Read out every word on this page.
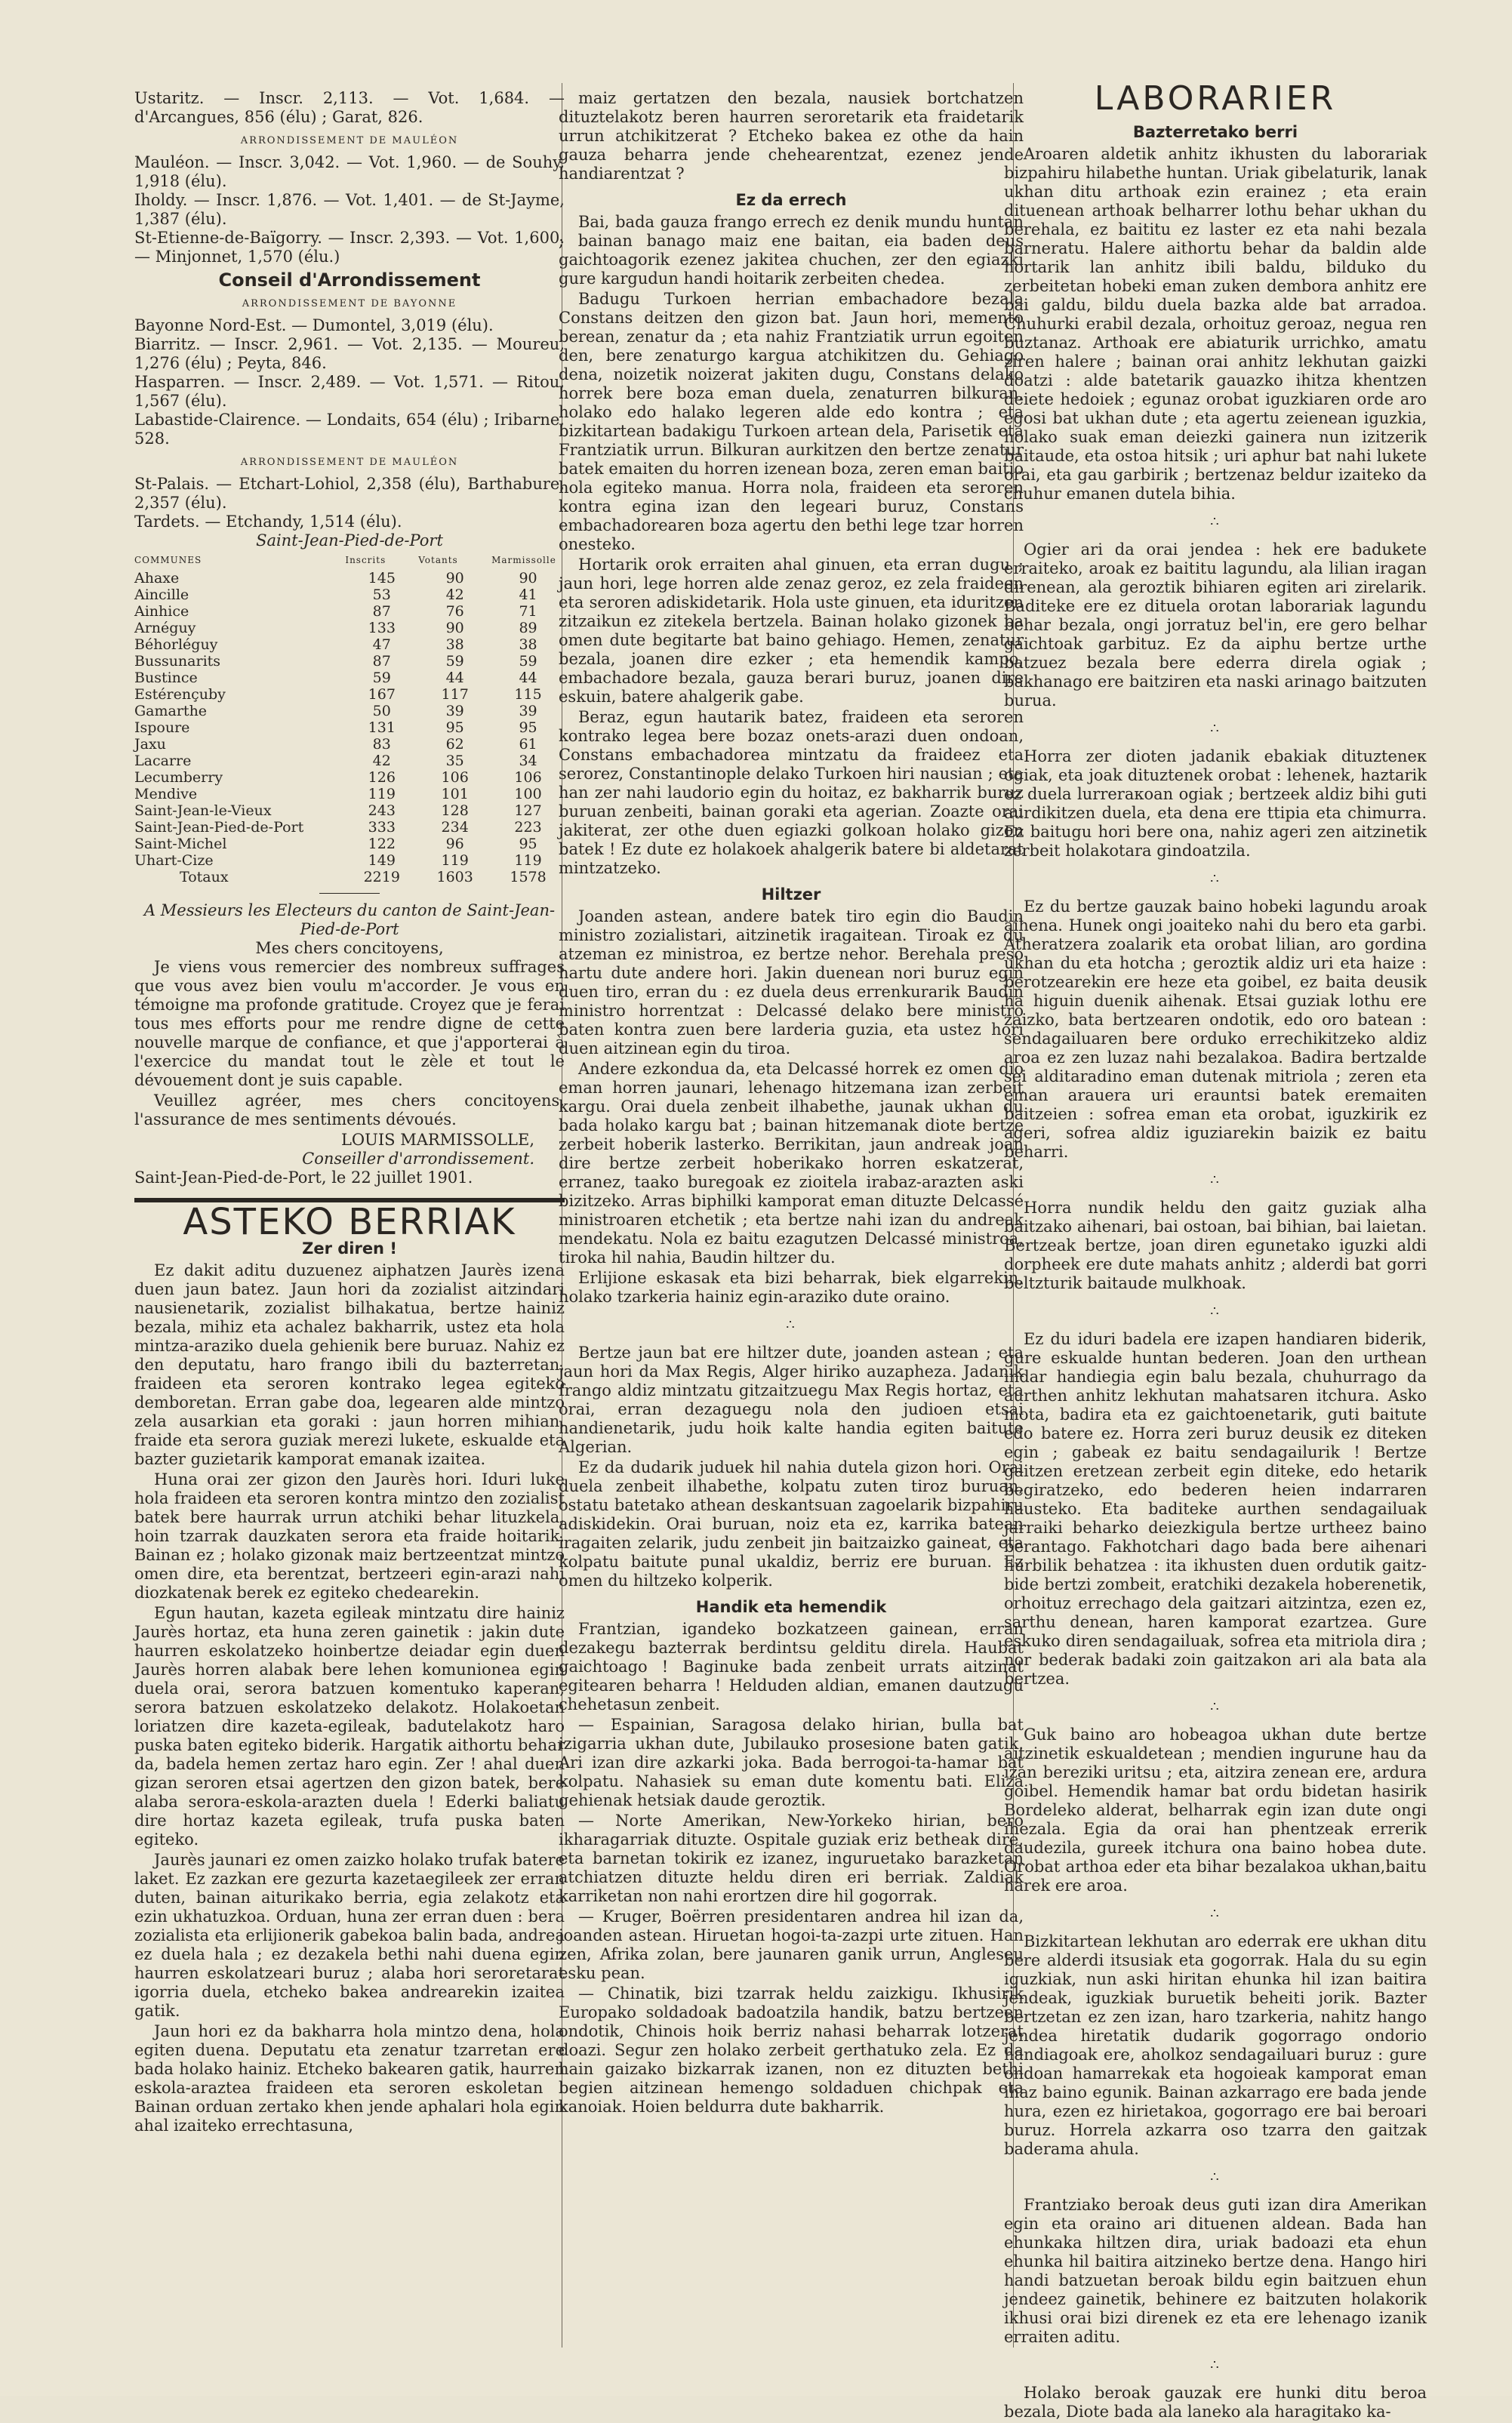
Ustaritz. — Inscr. 2,113. — Vot. 1,684. — d'Arcangues, 856 (élu) ; Garat, 826.
ARRONDISSEMENT DE MAULÉON
Mauléon. — Inscr. 3,042. — Vot. 1,960. — de Souhy, 1,918 (élu).
Iholdy. — Inscr. 1,876. — Vot. 1,401. — de St-Jayme, 1,387 (élu).
St-Etienne-de-Baïgorry. — Inscr. 2,393. — Vot. 1,600. — Minjonnet, 1,570 (élu.)
Conseil d'Arrondissement
ARRONDISSEMENT DE BAYONNE
Bayonne Nord-Est. — Dumontel, 3,019 (élu).
Biarritz. — Inscr. 2,961. — Vot. 2,135. — Moureu, 1,276 (élu) ; Peyta, 846.
Hasparren. — Inscr. 2,489. — Vot. 1,571. — Ritou, 1,567 (élu).
Labastide-Clairence. — Londaits, 654 (élu) ; Iribarne, 528.
ARRONDISSEMENT DE MAULÉON
St-Palais. — Etchart-Lohiol, 2,358 (élu), Barthabure, 2,357 (élu).
Tardets. — Etchandy, 1,514 (élu).
Saint-Jean-Pied-de-Port
COMMUNES	Inscrits	Votants	Marmissolle
Ahaxe	145	90	90
Aincille	53	42	41
Ainhice	87	76	71
Arnéguy	133	90	89
Béhorléguy	47	38	38
Bussunarits	87	59	59
Bustince	59	44	44
Estérençuby	167	117	115
Gamarthe	50	39	39
Ispoure	131	95	95
Jaxu	83	62	61
Lacarre	42	35	34
Lecumberry	126	106	106
Mendive	119	101	100
Saint-Jean-le-Vieux	243	128	127
Saint-Jean-Pied-de-Port	333	234	223
Saint-Michel	122	96	95
Uhart-Cize	149	119	119
Totaux	2219	1603	1578
A Messieurs les Electeurs du canton de Saint-Jean-Pied-de-Port
Mes chers concitoyens,

Je viens vous remercier des nombreux suffrages que vous avez bien voulu m'accorder. Je vous en témoigne ma profonde gratitude. Croyez que je ferai tous mes efforts pour me rendre digne de cette nouvelle marque de confiance, et que j'apporterai à l'exercice du mandat tout le zèle et tout le dévouement dont je suis capable.

Veuillez agréer, mes chers concitoyens, l'assurance de mes sentiments dévoués.

LOUIS MARMISSOLLE,
Conseiller d'arrondissement.
Saint-Jean-Pied-de-Port, le 22 juillet 1901.
ASTEKO BERRIAK
Zer diren !

Ez dakit aditu duzuenez aiphatzen Jaurès izena duen jaun batez. Jaun hori da zozialist aitzindari nausienetarik, zozialist bilhakatua, bertze hainiz bezala, mihiz eta achalez bakharrik, ustez eta hola mintza-araziko duela gehienik bere buruaz. Nahiz ez den deputatu, haro frango ibili du bazterretan, fraideen eta seroren kontrako legea egiteko demboretan. Erran gabe doa, legearen alde mintzo zela ausarkian eta goraki : jaun horren mihian, fraide eta serora guziak merezi lukete, eskualde eta bazter guzietarik kamporat emanak izaitea.

Huna orai zer gizon den Jaurès hori. Iduri luke hola fraideen eta seroren kontra mintzo den zozialist batek bere haurrak urrun atchiki behar lituzkela, hoin tzarrak dauzkaten serora eta fraide hoitarik. Bainan ez ; holako gizonak maiz bertzeentzat mintzo omen dire, eta berentzat, bertzeeri egin-arazi nahi diozkatenak berek ez egiteko chedearekin.

Egun hautan, kazeta egileak mintzatu dire hainiz Jaurès hortaz, eta huna zeren gainetik : jakin dute haurren eskolatzeko hoinbertze deiadar egin duen Jaurès horren alabak bere lehen komunionea egin duela orai, serora batzuen komentuko kaperan, serora batzuen eskolatzeko delakotz. Holakoetan loriatzen dire kazeta-egileak, badutelakotz haro puska baten egiteko biderik. Hargatik aithortu behar da, badela hemen zertaz haro egin. Zer ! ahal duen gizan seroren etsai agertzen den gizon batek, bere alaba serora-eskola-arazten duela ! Ederki baliatu dire hortaz kazeta egileak, trufa puska baten egiteko.

Jaurès jaunari ez omen zaizko holako trufak batere laket. Ez zazkan ere gezurta kazetaegileek zer erran duten, bainan aiturikako berria, egia zelakotz eta ezin ukhatuzkoa. Orduan, huna zer erran duen : bera zozialista eta erlijionerik gabekoa balin bada, andrea ez duela hala ; ez dezakela bethi nahi duena egin haurren eskolatzeari buruz ; alaba hori seroretarat igorria duela, etcheko bakea andrearekin izaitea gatik.

Jaun hori ez da bakharra hola mintzo dena, hola egiten duena. Deputatu eta zenatur tzarretan ere bada holako hainiz. Etcheko bakearen gatik, haurren eskola-araztea fraideen eta seroren eskoletan ! Bainan orduan zertako khen jende aphalari hola egin ahal izaiteko errechtasuna,

maiz gertatzen den bezala, nausiek bortchatzen dituztelakotz beren haurren seroretarik eta fraidetarik urrun atchikitzerat ? Etcheko bakea ez othe da hain gauza beharra jende chehearentzat, ezenez jende handiarentzat ?

Ez da errech

Bai, bada gauza frango errech ez denik mundu huntan ; bainan banago maiz ene baitan, eia baden deus gaichtoagorik ezenez jakitea chuchen, zer den egiazki gure kargudun handi hoitarik zerbeiten chedea.

Badugu Turkoen herrian embachadore bezala Constans deitzen den gizon bat. Jaun hori, memento berean, zenatur da ; eta nahiz Frantziatik urrun egoiten den, bere zenaturgo kargua atchikitzen du. Gehiago dena, noizetik noizerat jakiten dugu, Constans delako horrek bere boza eman duela, zenaturren bilkuran, holako edo halako legeren alde edo kontra ; eta bizkitartean badakigu Turkoen artean dela, Parisetik eta Frantziatik urrun. Bilkuran aurkitzen den bertze zenatur batek emaiten du horren izenean boza, zeren eman baitio hola egiteko manua. Horra nola, fraideen eta seroren kontra egina izan den legeari buruz, Constans embachadorearen boza agertu den bethi lege tzar horren onesteko.

Hortarik orok erraiten ahal ginuen, eta erran dugu ; jaun hori, lege horren alde zenaz geroz, ez zela fraideen eta seroren adiskidetarik. Hola uste ginuen, eta iduritzen zitzaikun ez zitekela bertzela. Bainan holako gizonek ba omen dute begitarte bat baino gehiago. Hemen, zenatur bezala, joanen dire ezker ; eta hemendik kampo, embachadore bezala, gauza berari buruz, joanen dire eskuin, batere ahalgerik gabe.

Beraz, egun hautarik batez, fraideen eta seroren kontrako legea bere bozaz onets-arazi duen ondoan, Constans embachadorea mintzatu da fraideez eta serorez, Constantinople delako Turkoen hiri nausian ; eta han zer nahi laudorio egin du hoitaz, ez bakharrik buruz buruan zenbeiti, bainan goraki eta agerian. Zoazte orai jakiterat, zer othe duen egiazki golkoan holako gizon batek ! Ez dute ez holakoek ahalgerik batere bi aldetarat mintzatzeko.

Hiltzer

Joanden astean, andere batek tiro egin dio Baudin ministro zozialistari, aitzinetik iragaitean. Tiroak ez du atzeman ez ministroa, ez bertze nehor. Berehala preso hartu dute andere hori. Jakin duenean nori buruz egin duen tiro, erran du : ez duela deus errenkurarik Baudin ministro horrentzat : Delcassé delako bere ministro baten kontra zuen bere larderia guzia, eta ustez hori duen aitzinean egin du tiroa.

Andere ezkondua da, eta Delcassé horrek ez omen dio eman horren jaunari, lehenago hitzemana izan zerbeit kargu. Orai duela zenbeit ilhabethe, jaunak ukhan du bada holako kargu bat ; bainan hitzemanak diote bertze zerbeit hoberik lasterko. Berrikitan, jaun andreak joan dire bertze zerbeit hoberikako horren eskatzerat, erranez, taako buregoak ez zioitela irabaz-arazten aski bizitzeko. Arras biphilki kamporat eman dituzte Delcassé ministroaren etchetik ; eta bertze nahi izan du andreak mendekatu. Nola ez baitu ezagutzen Delcassé ministroa, tiroka hil nahia, Baudin hiltzer du.

Erlijione eskasak eta bizi beharrak, biek elgarrekin, holako tzarkeria hainiz egin-araziko dute oraino.

∴

Bertze jaun bat ere hiltzer dute, joanden astean ; eta jaun hori da Max Regis, Alger hiriko auzapheza. Jadanik frango aldiz mintzatu gitzaitzuegu Max Regis hortaz, eta orai, erran dezaguegu nola den judioen etsai handienetarik, judu hoik kalte handia egiten baitute Algerian.

Ez da dudarik juduek hil nahia dutela gizon hori. Orai duela zenbeit ilhabethe, kolpatu zuten tiroz buruan, ostatu batetako athean deskantsuan zagoelarik bizpahiru adiskidekin. Orai buruan, noiz eta ez, karrika batean iragaiten zelarik, judu zenbeit jin baitzaizko gaineat, eta kolpatu baitute punal ukaldiz, berriz ere buruan. Ez omen du hiltzeko kolperik.

Handik eta hemendik

Frantzian, igandeko bozkatzeen gainean, erran dezakegu bazterrak berdintsu gelditu direla. Haubat gaichtoago ! Baginuke bada zenbeit urrats aitzinat egitearen beharra ! Helduden aldian, emanen dautzugu chehetasun zenbeit.

— Espainian, Saragosa delako hirian, bulla bat izigarria ukhan dute, Jubilauko prosesione baten gatik. Ari izan dire azkarki joka. Bada berrogoi-ta-hamar bat kolpatu. Nahasiek su eman dute komentu bati. Eliza gehienak hetsiak daude geroztik.

— Norte Amerikan, New-Yorkeko hirian, bero ikharagarriak dituzte. Ospitale guziak eriz betheak dire, eta barnetan tokirik ez izanez, inguruetako barazketan atchiatzen dituzte heldu diren eri berriak. Zaldiak karriketan non nahi erortzen dire hil gogorrak.

— Kruger, Boërren presidentaren andrea hil izan da, joanden astean. Hiruetan hogoi-ta-zazpi urte zituen. Han zen, Afrika zolan, bere jaunaren ganik urrun, Angleseu esku pean.

— Chinatik, bizi tzarrak heldu zaizkigu. Ikhusirik Europako soldadoak badoatzila handik, batzu bertzeen ondotik, Chinois hoik berriz nahasi beharrak lotzerat doazi. Segur zen holako zerbeit gerthatuko zela. Ez da hain gaizako bizkarrak izanen, non ez dituzten bethi begien aitzinean hemengo soldaduen chichpak eta kanoiak. Hoien beldurra dute bakharrik.

LABORARIER
Bazterretako berri

Aroaren aldetik anhitz ikhusten du laborariak bizpahiru hilabethe huntan. Uriak gibelaturik, lanak ukhan ditu arthoak ezin erainez ; eta erain dituenean arthoak belharrer lothu behar ukhan du berehala, ez baititu ez laster ez eta nahi bezala barneratu. Halere aithortu behar da baldin alde hortarik lan anhitz ibili baldu, bilduko du zerbeitetan hobeki eman zuken dembora anhitz ere bai galdu, bildu duela bazka alde bat arradoa. Chuhurki erabil dezala, orhoituz geroaz, negua ren buztanaz. Arthoak ere abiaturik urrichko, amatu ziren halere ; bainan orai anhitz lekhutan gaizki doatzi : alde batetarik gauazko ihitza khentzen deiete hedoiek ; egunaz orobat iguzkiaren orde aro egosi bat ukhan dute ; eta agertu zeienean iguzkia, holako suak eman deiezki gainera nun izitzerik baitaude, eta ostoa hitsik ; uri aphur bat nahi lukete orai, eta gau garbirik ; bertzenaz beldur izaiteko da chuhur emanen dutela bihia.

∴

Ogier ari da orai jendea : hek ere badukete erraiteko, aroak ez baititu lagundu, ala lilian iragan direnean, ala geroztik bihiaren egiten ari zirelarik. Baditeke ere ez dituela orotan laborariak lagundu behar bezala, ongi jorratuz bel'in, ere gero belhar gaichtoak garbituz. Ez da aiphu bertze urthe batzuez bezala bere ederra direla ogiak ; bakhanago ere baitziren eta naski arinago baitzuten burua.

∴

Horra zer dioten jadanik ebakiak dituzteneк ogiak, eta joak dituztenek orobat : lehenek, haztarik ez duela lurreraкoan ogiak ; bertzeek aldiz bihi guti aurdikitzen duela, eta dena ere ttipia eta chimurra. Ez baitugu hori bere ona, nahiz ageri zen aitzinetik zerbeit holakotara gindoatzila.

∴

Ez du bertze gauzak baino hobeki lagundu aroak aihena. Hunek ongi joaiteko nahi du bero eta garbi. Atheratzera zoalarik eta orobat lilian, aro gordina ukhan du eta hotcha ; geroztik aldiz uri eta haize : berotzearekin ere heze eta goibel, ez baita deusik ha higuin duenik aihenak. Etsai guziak lothu ere zaizko, bata bertzearen ondotik, edo oro batean : sendagailuaren bere orduko errechikitzeko aldiz aroa ez zen luzaz nahi bezalakoa. Badira bertzalde sei alditaradino eman dutenak mitriola ; zeren eta eman arauera uri erauntsi batek eremaiten baitzeien : sofrea eman eta orobat, iguzkirik ez ageri, sofrea aldiz iguziarekin baizik ez baitu beharri.

∴

Horra nundik heldu den gaitz guziak alha baitzako aihenari, bai ostoan, bai bihian, bai laietan. Bertzeak bertze, joan diren egunetako iguzki aldi dorpheek ere dute mahats anhitz ; alderdi bat gorri beltzturik baitaude mulkhoak.

∴

Ez du iduri badela ere izapen handiaren biderik, gure eskualde huntan bederen. Joan den urthean indar handiegia egin balu bezala, chuhurrago da aurthen anhitz lekhutan mahatsaren itchura. Asko mota, badira eta ez gaichtoenetarik, guti baitute edo batere ez. Horra zeri buruz deusik ez diteken egin ; gabeak ez baitu sendagailurik ! Bertze gaitzen eretzean zerbeit egin diteke, edo hetarik begiratzeko, edo bederen heien indarraren hausteko. Eta baditeke aurthen sendagailuak jarraiki beharko deiezkigula bertze urtheez baino berantago. Fakhotchari dago bada bere aihenari hurbilik behatzea : ita ikhusten duen ordutik gaitz-bide bertzi zombeit, eratchiki dezakela hoberenetik, orhoituz errechago dela gaitzari aitzintza, ezen ez, sarthu denean, haren kamporat ezartzea. Gure eskuko diren sendagailuak, sofrea eta mitriola dira ; nor bederak badaki zoin gaitzakon ari ala bata ala bertzea.

∴

Guk baino aro hobeagoa ukhan dute bertze aitzinetik eskualdetean ; mendien ingurune hau da izan bereziki uritsu ; eta, aitzira zenean ere, ardura goibel. Hemendik hamar bat ordu bidetan hasirik Bordeleko alderat, belharrak egin izan dute ongi ihezala. Egia da orai han phentzeak errerik daudezila, gureek itchura ona baino hobea dute. Orobat arthoa eder eta bihar bezalakoa ukhan,baitu harek ere aroa.

∴

Bizkitartean lekhutan aro ederrak ere ukhan ditu bere alderdi itsusiak eta gogorrak. Hala du su egin iguzkiak, nun aski hiritan ehunka hil izan baitira jendeak, iguzkiak buruetik beheiti jorik. Bazter bertzetan ez zen izan, haro tzarkeria, nahitz hango jendea hiretatik dudarik gogorrago ondorio handiagoak ere, aholkoz sendagailuari buruz : gure ondoan hamarrekak eta hogoieak kamporat eman ihaz baino egunik. Bainan azkarrago ere bada jende hura, ezen ez hirietakoa, gogorrago ere bai beroari buruz. Horrela azkarra oso tzarra den gaitzak baderama ahula.

∴

Frantziako beroak deus guti izan dira Amerikan egin eta oraino ari dituenen aldean. Bada han ehunkaka hiltzen dira, uriak badoazi eta ehun ehunka hil baitira aitzineko bertze dena. Hango hiri handi batzuetan beroak bildu egin baitzuen ehun jendeez gainetik, behinere ez baitzuten holakorik ikhusi orai bizi direnek ez eta ere lehenago izanik erraiten aditu.

∴

Holako beroak gauzak ere hunki ditu beroa bezala, Diote bada ala laneko ala haragitako ka-
